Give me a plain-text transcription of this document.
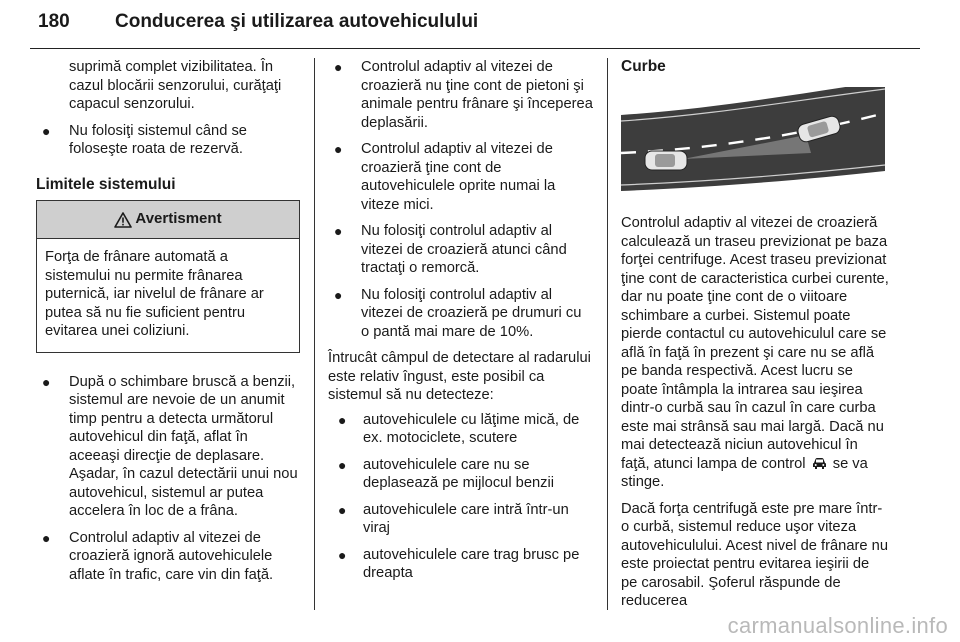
180 Conducerea şi utilizarea autovehiculului

suprimă complet vizibilitatea. În cazul blocării senzorului, curăţaţi capacul senzorului.

● Nu folosiţi sistemul când se foloseşte roata de rezervă.

Limitele sistemului

Avertisment
Forţa de frânare automată a sistemului nu permite frânarea puternică, iar nivelul de frânare ar putea să nu fie suficient pentru evitarea unei coliziuni.
● După o schimbare bruscă a benzii, sistemul are nevoie de un anumit timp pentru a detecta următorul autovehicul din faţă, aflat în aceeaşi direcţie de deplasare. Aşadar, în cazul detectării unui nou autovehicul, sistemul ar putea accelera în loc de a frâna.
● Controlul adaptiv al vitezei de croazieră ignoră autovehiculele aflate în trafic, care vin din faţă.
● Controlul adaptiv al vitezei de croazieră nu ţine cont de pietoni şi animale pentru frânare şi începerea deplasării.
● Controlul adaptiv al vitezei de croazieră ţine cont de autovehiculele oprite numai la viteze mici.
● Nu folosiţi controlul adaptiv al vitezei de croazieră atunci când tractaţi o remorcă.
● Nu folosiţi controlul adaptiv al vitezei de croazieră pe drumuri cu o pantă mai mare de 10%.

Întrucât câmpul de detectare al radarului este relativ îngust, este posibil ca sistemul să nu detecteze:

● autovehiculele cu lăţime mică, de ex. motociclete, scutere
● autovehiculele care nu se deplasează pe mijlocul benzii
● autovehiculele care intră într-un viraj
● autovehiculele care trag brusc pe dreapta

Curbe

Controlul adaptiv al vitezei de croazieră calculează un traseu previzionat pe baza forţei centrifuge. Acest traseu previzionat ţine cont de caracteristica curbei curente, dar nu poate ţine cont de o viitoare schimbare a curbei. Sistemul poate pierde contactul cu autovehiculul care se află în faţă în prezent şi care nu se află pe banda respectivă. Acest lucru se poate întâmpla la intrarea sau ieşirea dintr-o curbă sau în cazul în care curba este mai strânsă sau mai largă. Dacă nu mai detectează niciun autovehicul în faţă, atunci lampa de control se va stinge.

Dacă forţa centrifugă este pre mare într-o curbă, sistemul reduce uşor viteza autovehiculului. Acest nivel de frânare nu este proiectat pentru evitarea ieşirii de pe carosabil. Şoferul răspunde de reducerea

carmanualsonline.info
